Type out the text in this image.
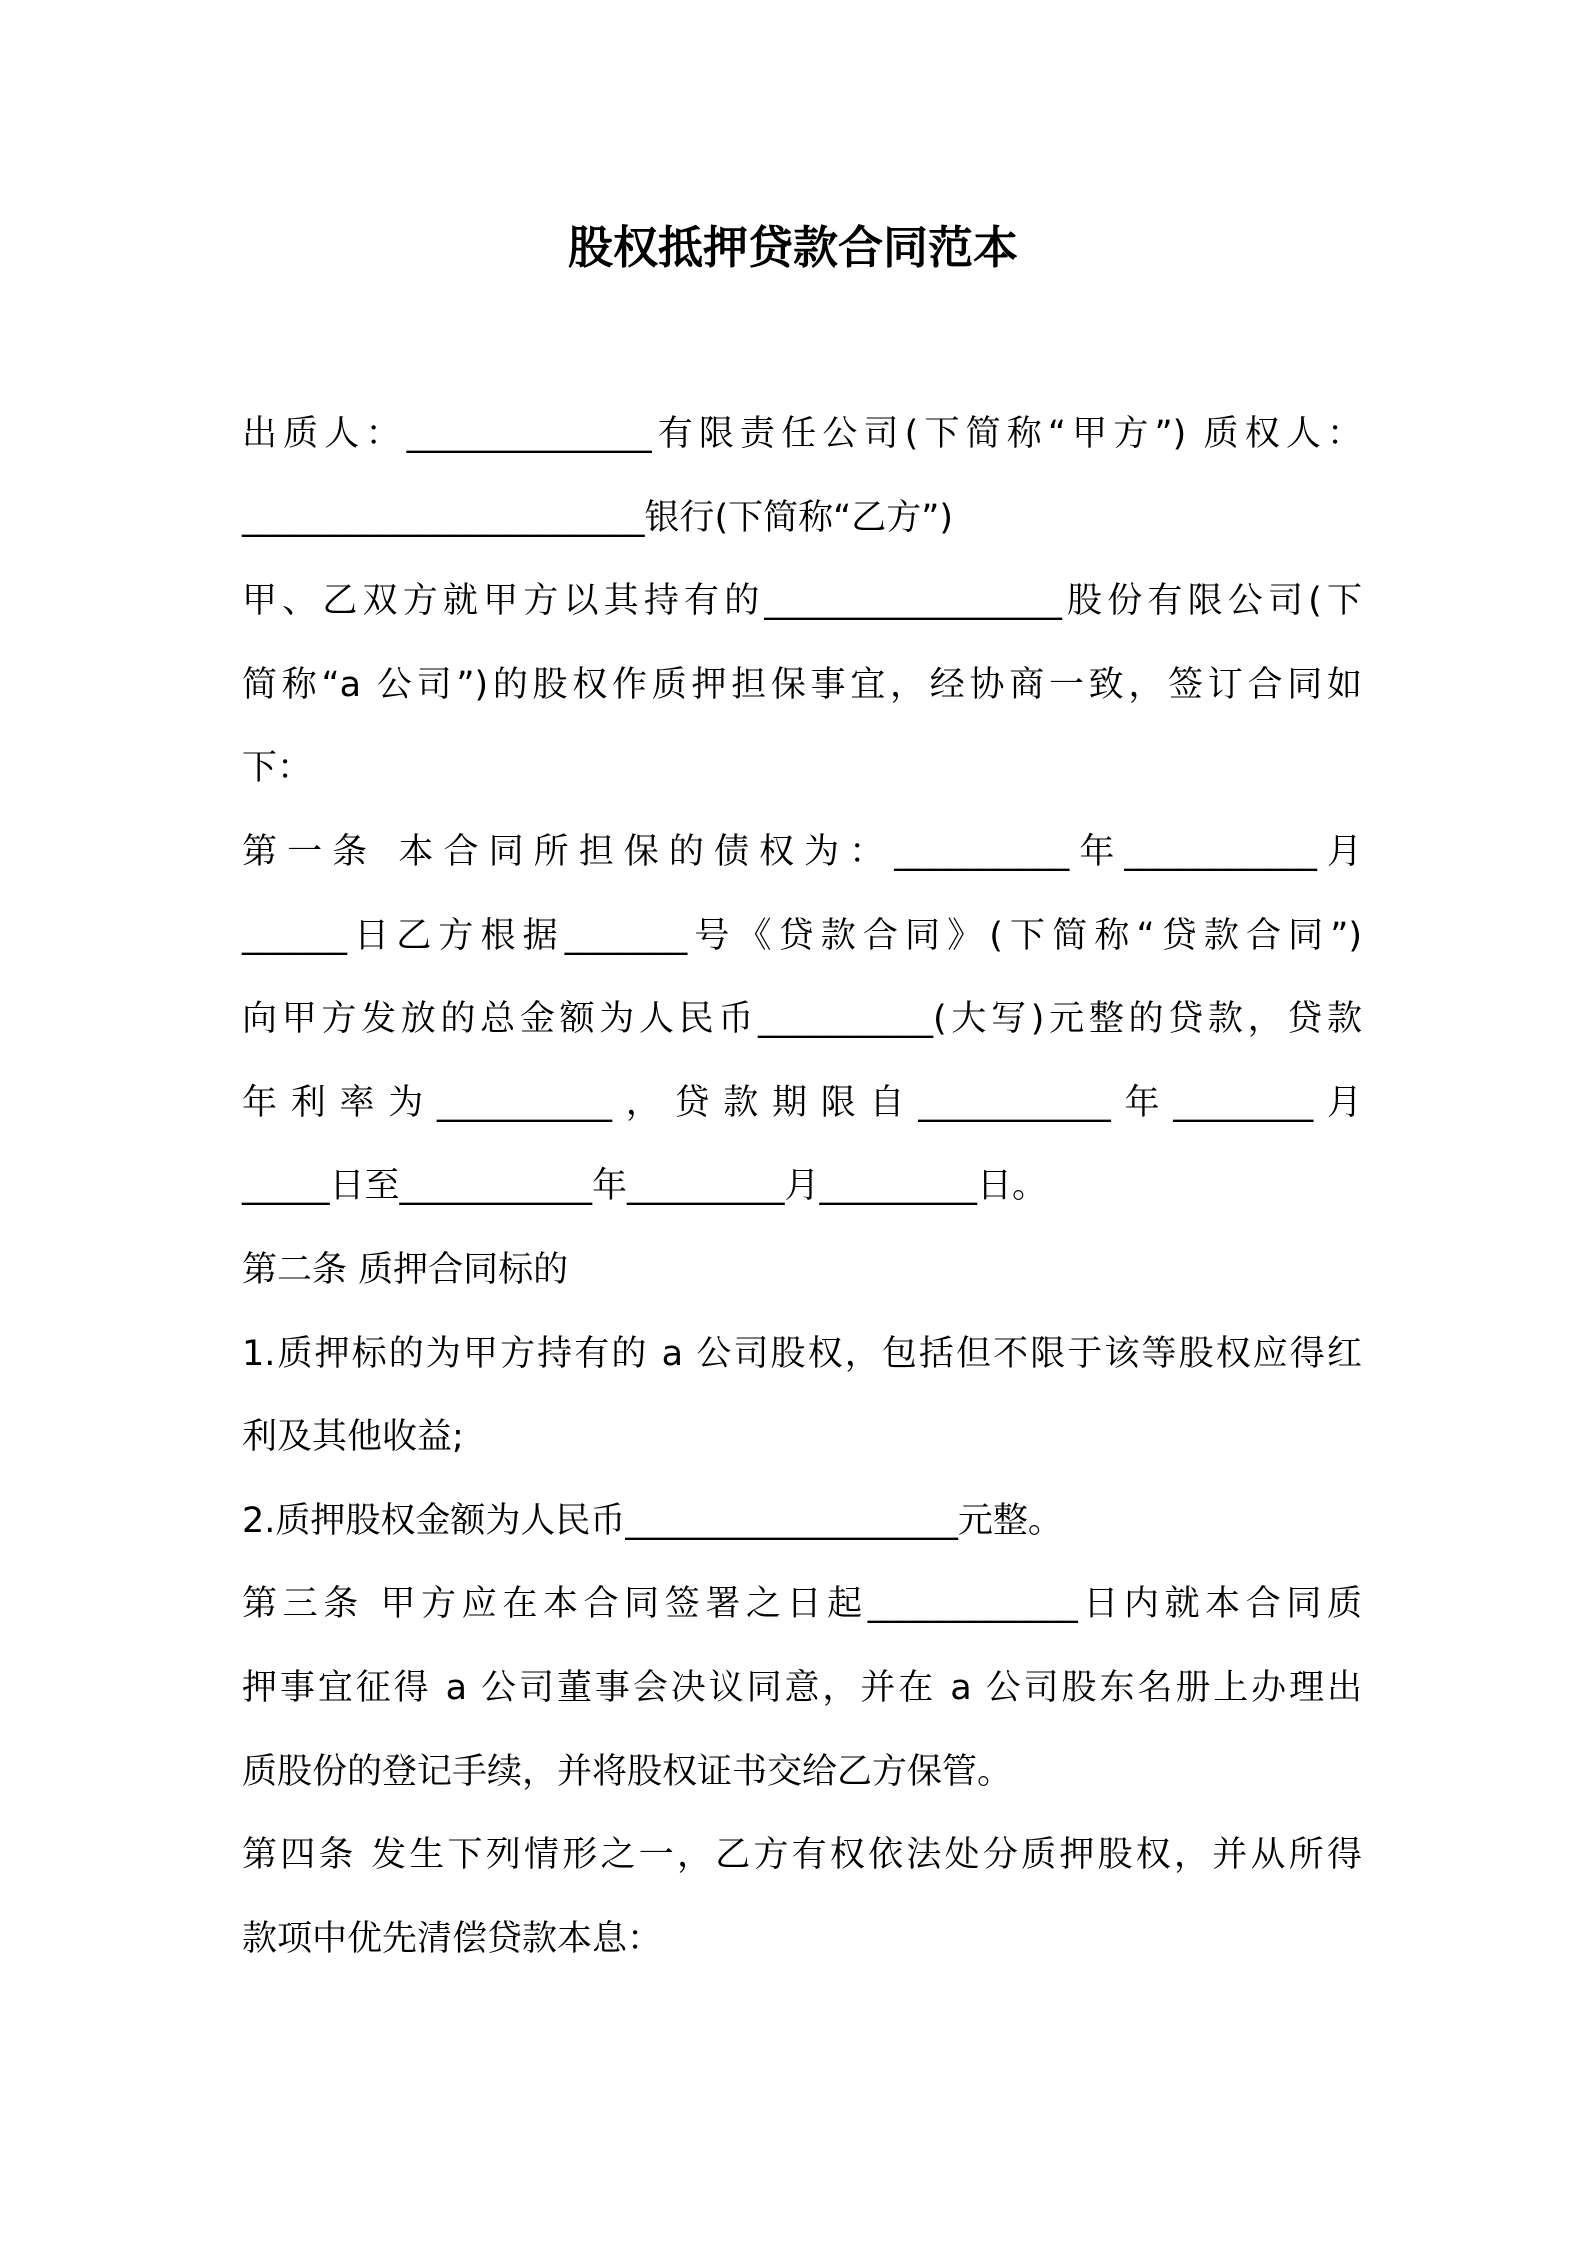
股权抵押贷款合同范本
出质人：______________有限责任公司(下简称“甲方”) 质权人：
_______________________银行(下简称“乙方”)
甲、乙双方就甲方以其持有的_________________股份有限公司(下
简称“a 公司”)的股权作质押担保事宜，经协商一致，签订合同如
下：
第一条 本合同所担保的债权为：__________年___________月
______日乙方根据_______号《贷款合同》(下简称“贷款合同”)
向甲方发放的总金额为人民币__________(大写)元整的贷款，贷款
年利率为__________，贷款期限自___________年________月
_____日至___________年_________月_________日。
第二条 质押合同标的
1.质押标的为甲方持有的 a 公司股权，包括但不限于该等股权应得红
利及其他收益;
2.质押股权金额为人民币___________________元整。
第三条 甲方应在本合同签署之日起____________日内就本合同质
押事宜征得 a 公司董事会决议同意，并在 a 公司股东名册上办理出
质股份的登记手续，并将股权证书交给乙方保管。
第四条 发生下列情形之一，乙方有权依法处分质押股权，并从所得
款项中优先清偿贷款本息：
